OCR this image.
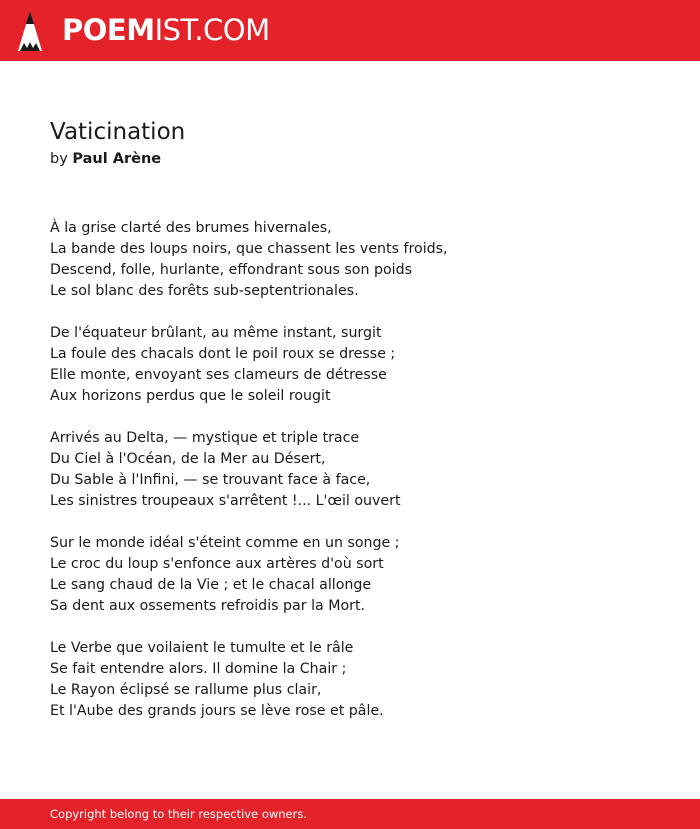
POEMIST.COM
Vaticination
by Paul Arène
À la grise clarté des brumes hivernales,
La bande des loups noirs, que chassent les vents froids,
Descend, folle, hurlante, effondrant sous son poids
Le sol blanc des forêts sub-septentrionales.
De l'équateur brûlant, au même instant, surgit
La foule des chacals dont le poil roux se dresse ;
Elle monte, envoyant ses clameurs de détresse
Aux horizons perdus que le soleil rougit
Arrivés au Delta, — mystique et triple trace
Du Ciel à l'Océan, de la Mer au Désert,
Du Sable à l'Infini, — se trouvant face à face,
Les sinistres troupeaux s'arrêtent !... L'œil ouvert
Sur le monde idéal s'éteint comme en un songe ;
Le croc du loup s'enfonce aux artères d'où sort
Le sang chaud de la Vie ; et le chacal allonge
Sa dent aux ossements refroidis par la Mort.
Le Verbe que voilaient le tumulte et le râle
Se fait entendre alors. Il domine la Chair ;
Le Rayon éclipsé se rallume plus clair,
Et l'Aube des grands jours se lève rose et pâle.
Copyright belong to their respective owners.
